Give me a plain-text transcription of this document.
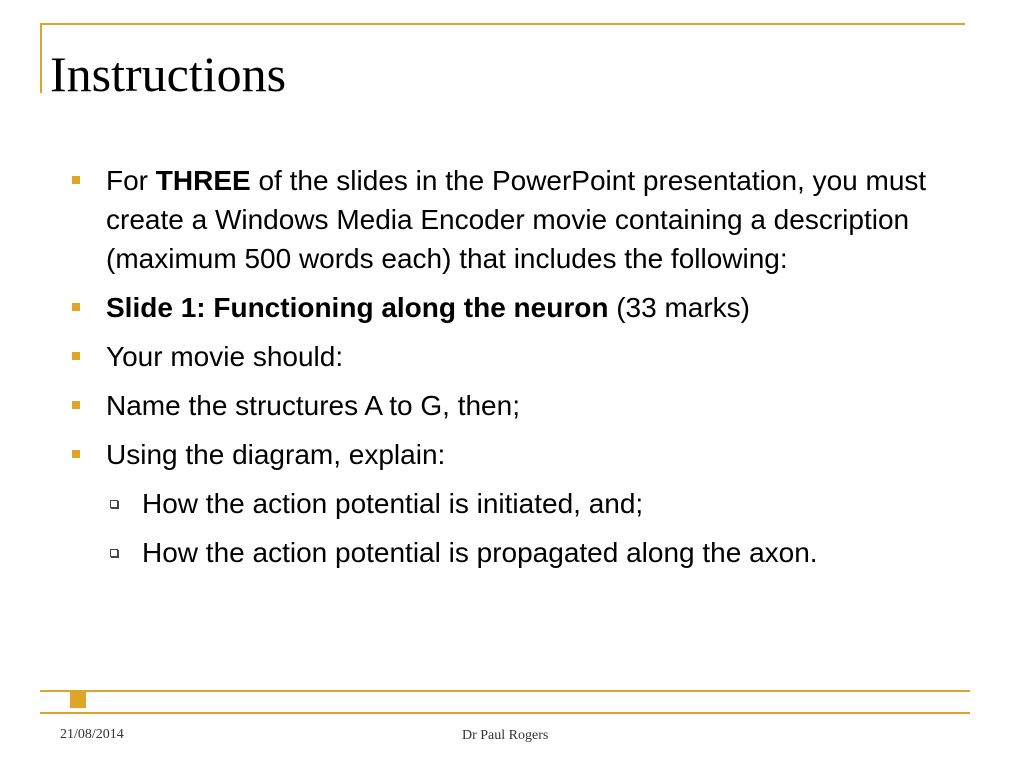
Instructions

For THREE of the slides in the PowerPoint presentation, you must create a Windows Media Encoder movie containing a description (maximum 500 words each) that includes the following:

Slide 1: Functioning along the neuron (33 marks)

Your movie should:

Name the structures A to G, then;

Using the diagram, explain:

How the action potential is initiated, and;

How the action potential is propagated along the axon.

21/08/2014	Dr Paul Rogers
